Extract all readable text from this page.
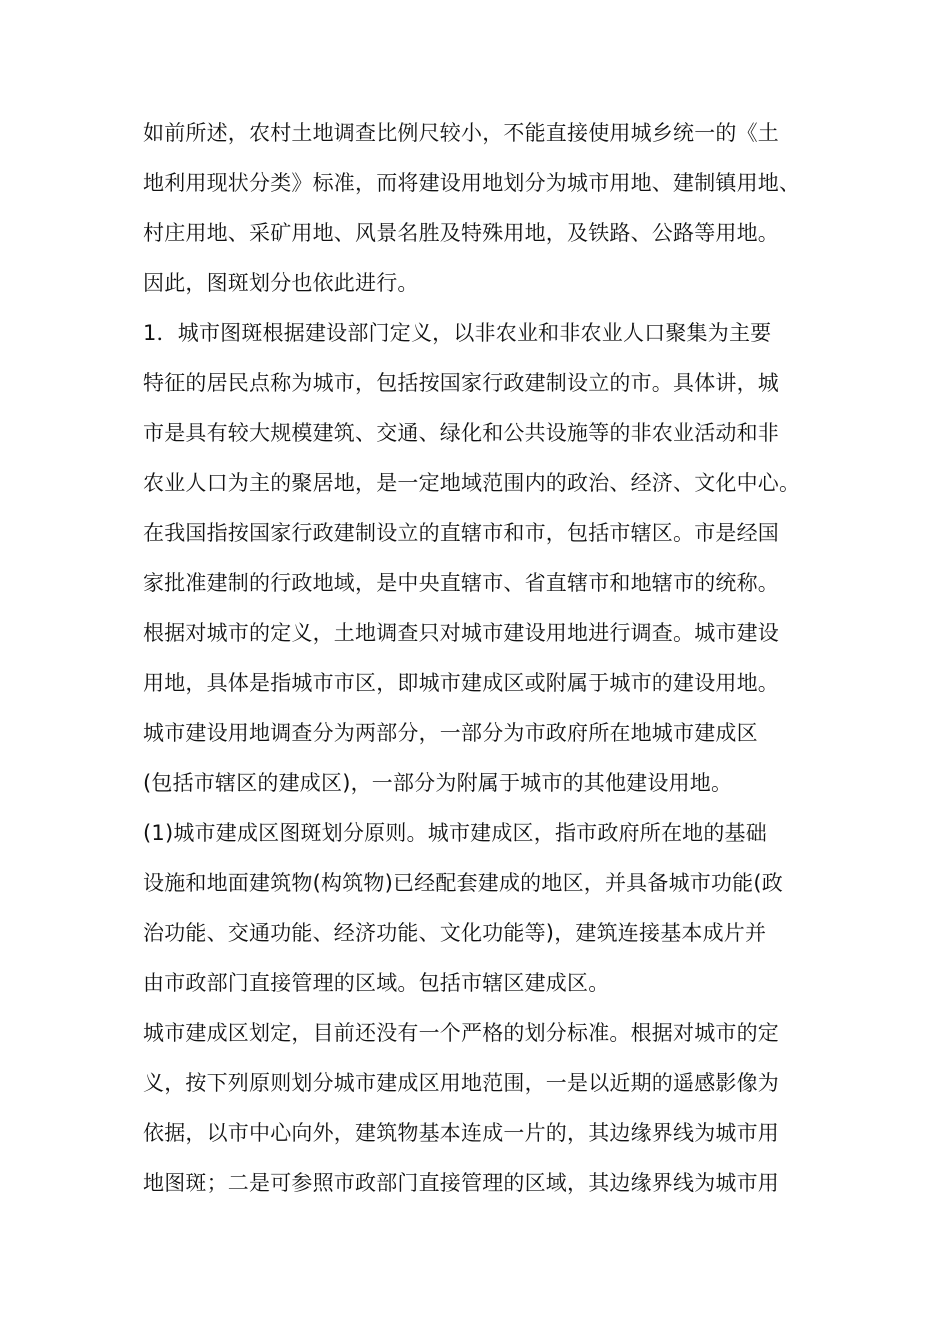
如前所述，农村土地调查比例尺较小，不能直接使用城乡统一的《土
地利用现状分类》标准，而将建设用地划分为城市用地、建制镇用地、
村庄用地、采矿用地、风景名胜及特殊用地，及铁路、公路等用地。
因此，图斑划分也依此进行。
1．城市图斑根据建设部门定义，以非农业和非农业人口聚集为主要
特征的居民点称为城市，包括按国家行政建制设立的市。具体讲，城
市是具有较大规模建筑、交通、绿化和公共设施等的非农业活动和非
农业人口为主的聚居地，是一定地域范围内的政治、经济、文化中心。
在我国指按国家行政建制设立的直辖市和市，包括市辖区。市是经国
家批准建制的行政地域，是中央直辖市、省直辖市和地辖市的统称。
根据对城市的定义，土地调查只对城市建设用地进行调查。城市建设
用地，具体是指城市市区，即城市建成区或附属于城市的建设用地。
城市建设用地调查分为两部分，一部分为市政府所在地城市建成区
(包括市辖区的建成区)，一部分为附属于城市的其他建设用地。
(1)城市建成区图斑划分原则。城市建成区，指市政府所在地的基础
设施和地面建筑物(构筑物)已经配套建成的地区，并具备城市功能(政
治功能、交通功能、经济功能、文化功能等)，建筑连接基本成片并
由市政部门直接管理的区域。包括市辖区建成区。
城市建成区划定，目前还没有一个严格的划分标准。根据对城市的定
义，按下列原则划分城市建成区用地范围，一是以近期的遥感影像为
依据，以市中心向外，建筑物基本连成一片的，其边缘界线为城市用
地图斑；二是可参照市政部门直接管理的区域，其边缘界线为城市用
